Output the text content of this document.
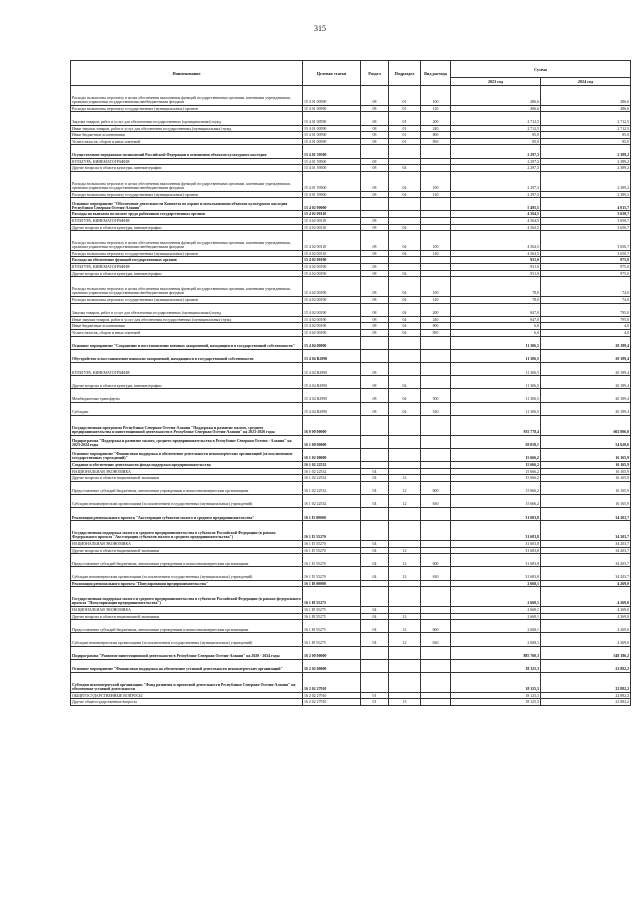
315
Наименование	Целевая статья	Раздел	Подраздел	Вид расхода	Сумма	
					2023 год	2024 год
Расходы на выплаты персоналу в целях обеспечения выполнения функций государственными органами, казенными учреждениями, органами управления государственными внебюджетными фондами	15 4 01 00590	08	01	100	486,6	486,6
Расходы на выплаты персоналу государственных (муниципальных) органов	15 4 01 00590	08	01	120	486,6	486,6
Закупка товаров, работ и услуг для обеспечения государственных (муниципальных) нужд	15 4 01 00590	08	01	200	2 712,5	2 712,5
Иные закупки товаров, работ и услуг для обеспечения государственных (муниципальных) нужд	15 4 01 00590	08	01	240	2 712,5	2 712,5
Иные бюджетные ассигнования	15 4 01 00590	08	01	800	85,0	85,0
Уплата налогов, сборов и иных платежей	15 4 01 00590	08	01	850	85,0	85,0
Осуществление переданных полномочий Российской Федерации в отношении объектов культурного наследия	15 4 01 59500				2 297,3	2 389,2
КУЛЬТУРА, КИНЕМАТОГРАФИЯ	15 4 01 59500	08			2 297,3	2 389,2
Другие вопросы в области культуры, кинематографии	15 4 01 59500	08	04		2 297,3	2 389,2
Расходы на выплаты персоналу в целях обеспечения выполнения функций государственными органами, казенными учреждениями, органами управления государственными внебюджетными фондами	15 4 01 59500	08	04	100	2 297,3	2 389,2
Расходы на выплаты персоналу государственных (муниципальных) органов	15 4 01 59500	08	04	120	2 297,3	2 389,2
Основное мероприятие "Обеспечение деятельности Комитета по охране и использованию объектов культурного наследия Республики Северная Осетия-Алания"	15 4 02 00000				5 495,5	4 815,7
Расходы на выплаты по оплате труда работников государственных органов	15 4 02 00110				4 564,5	3 650,7
КУЛЬТУРА, КИНЕМАТОГРАФИЯ	15 4 02 00110	08			4 564,5	3 650,7
Другие вопросы в области культуры, кинематографии	15 4 02 00110	08	04		4 564,5	3 650,7
Расходы на выплаты персоналу в целях обеспечения выполнения функций государственными органами, казенными учреждениями, органами управления государственными внебюджетными фондами	15 4 02 00110	08	04	100	4 564,5	3 650,7
Расходы на выплаты персоналу государственных (муниципальных) органов	15 4 02 00110	08	04	120	4 564,5	3 650,7
Расходы на обеспечение функций государственных органов	15 4 02 00190				931,0	975,0
КУЛЬТУРА, КИНЕМАТОГРАФИЯ	15 4 02 00190	08			931,0	975,0
Другие вопросы в области культуры, кинематографии	15 4 02 00190	08	04		931,0	975,0
Расходы на выплаты персоналу в целях обеспечения выполнения функций государственными органами, казенными учреждениями, органами управления государственными внебюджетными фондами	15 4 02 00190	08	04	100	78,0	74,0
Расходы на выплаты персоналу государственных (муниципальных) органов	15 4 02 00190	08	04	120	78,0	74,0
Закупка товаров, работ и услуг для обеспечения государственных (муниципальных) нужд	15 4 02 00190	08	04	200	847,0	795,0
Иные закупки товаров, работ и услуг для обеспечения государственных (муниципальных) нужд	15 4 02 00190	08	04	240	847,0	795,0
Иные бюджетные ассигнования	15 4 02 00190	08	04	800	6,0	4,0
Уплата налогов, сборов и иных платежей	15 4 02 00190	08	04	850	6,0	4,0
Основное мероприятие "Сохранение и восстановление военных захоронений, находящихся в государственной собственности"	15 4 04 00000				11 306,5	20 189,4
Обустройство и восстановление воинских захоронений, находящихся в государственной собственности	15 4 04 R2990				11 306,5	20 189,4
КУЛЬТУРА, КИНЕМАТОГРАФИЯ	15 4 04 R2990	08			11 306,5	20 189,4
Другие вопросы в области культуры, кинематографии	15 4 04 R2990	08	04		11 306,5	20 189,4
Межбюджетные трансферты	15 4 04 R2990	08	04	500	11 306,5	20 189,4
Субсидии	15 4 04 R2990	08	04	520	11 306,5	20 189,4
Государственная программа Республики Северная Осетия-Алания "Поддержка и развитие малого, среднего предпринимательства и инвестиционной деятельности в Республике Северная Осетия-Алания" на 2023-2026 годы	16 0 00 00000				935 778,4	602 806,8
Подпрограмма "Поддержка и развитие малого, среднего предпринимательства в Республике Северная Осетия - Алания" на 2023-2024 годы	16 1 00 00000				50 018,1	54 620,6
Основное мероприятие "Финансовая поддержка и обеспечение деятельности некоммерческих организаций (за исключением государственных учреждений)"	16 1 02 00000				15 666,2	16 165,9
Создание и обеспечение деятельности фонда поддержки предпринимательства	16 1 02 22532				15 666,2	16 165,9
НАЦИОНАЛЬНАЯ ЭКОНОМИКА	16 1 02 22532	04			15 666,2	16 165,9
Другие вопросы в области национальной экономики	16 1 02 22532	04	12		15 666,2	16 165,9
Предоставление субсидий бюджетным, автономным учреждениям и иным некоммерческим организациям	16 1 02 22532	04	12	600	15 666,2	16 165,9
Субсидии некоммерческим организациям (за исключением государственных (муниципальных) учреждений)	16 1 02 22532	04	12	630	15 666,2	16 165,9
Реализация регионального проекта "Акселерация субъектов малого и среднего предпринимательства"	16 1 I5 00000				31 683,8	34 203,7
Государственная поддержка малого и среднего предпринимательства в субъектах Российской Федерации (в рамках Федерального проекта "Акселерация субъектов малого и среднего предпринимательства")	16 1 I5 55270				31 683,8	34 203,7
НАЦИОНАЛЬНАЯ ЭКОНОМИКА	16 1 I5 55270	04			31 683,8	34 203,7
Другие вопросы в области национальной экономики	16 1 I5 55270	04	12		31 683,8	34 203,7
Предоставление субсидий бюджетным, автономным учреждениям и иным некоммерческим организациям	16 1 I5 55270	04	12	600	31 683,8	34 203,7
Субсидии некоммерческим организациям (за исключением государственных (муниципальных) учреждений)	16 1 I5 55270	04	12	630	31 683,8	34 203,7
Реализация регионального проекта "Популяризация предпринимательства"	16 1 I8 00000				2 668,1	4 269,0
Государственная поддержка малого и среднего предпринимательства в субъектах Российской Федерации (в рамках федерального проекта "Популяризация предпринимательства")	16 1 I8 55275				2 668,1	4 269,0
НАЦИОНАЛЬНАЯ ЭКОНОМИКА	16 1 I8 55275	04			2 668,1	4 269,0
Другие вопросы в области национальной экономики	16 1 I8 55275	04	12		2 668,1	4 269,0
Предоставление субсидий бюджетным, автономным учреждениям и иным некоммерческим организациям	16 1 I8 55275	04	12	600	2 668,1	4 269,0
Субсидии некоммерческим организациям (за исключением государственных (муниципальных) учреждений)	16 1 I8 55275	04	12	630	2 668,1	4 269,0
Подпрограмма "Развитие инвестиционной деятельности в Республике Северная Осетия-Алания" на 2020 - 2024 годы	16 2 00 00000				885 760,3	548 186,2
Основное мероприятие "Финансовая поддержка на обеспечение уставной деятельности некоммерческих организаций"	16 2 02 00000				18 125,3	22 882,2
Субсидия некоммерческой организации "Фонд развития и проектной деятельности Республики Северная Осетия-Алания" на обеспечение уставной деятельности	16 2 02 27910				18 125,3	22 882,2
ОБЩЕГОСУДАРСТВЕННЫЕ ВОПРОСЫ	16 2 02 27910	01			18 125,3	22 882,2
Другие общегосударственные вопросы	16 2 02 27910	01	13		18 125,3	22 882,2
